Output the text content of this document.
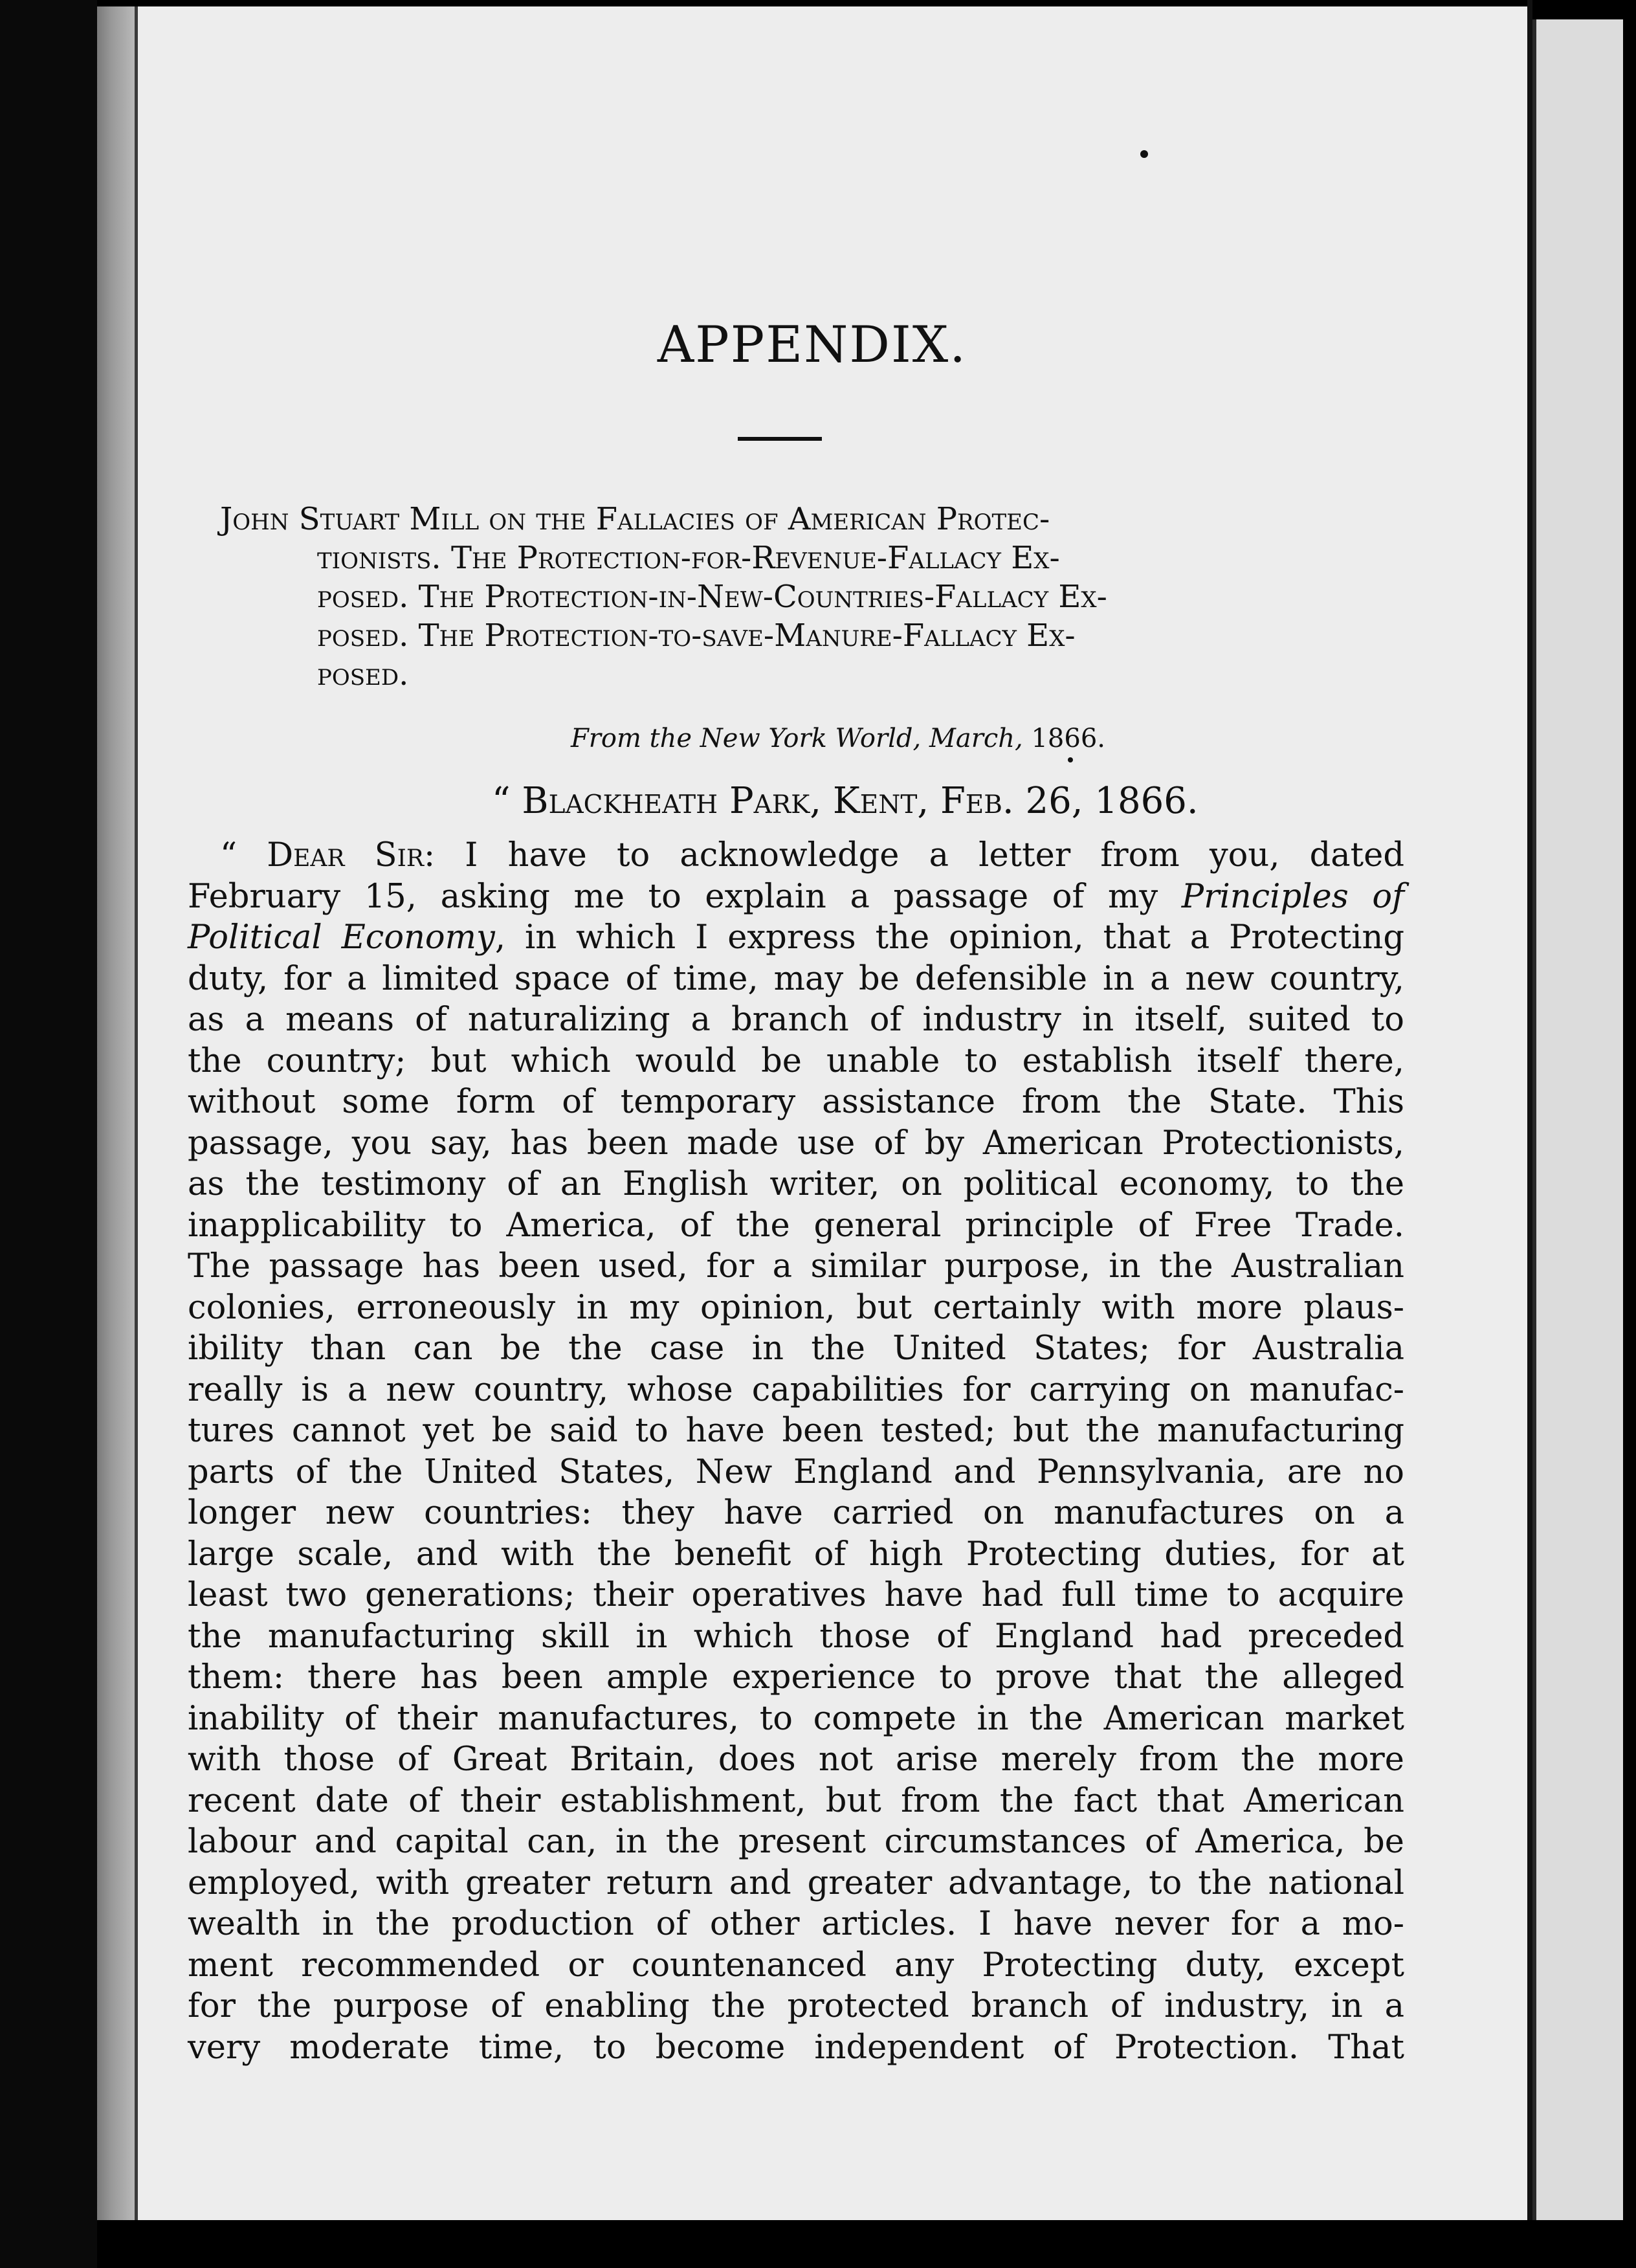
APPENDIX.
John Stuart Mill on the Fallacies of American Protec-
tionists. The Protection-for-Revenue-Fallacy Ex-
posed. The Protection-in-New-Countries-Fallacy Ex-
posed. The Protection-to-save-Manure-Fallacy Ex-
posed.
From the New York World, March, 1866.
“ Blackheath Park, Kent, Feb. 26, 1866.
“ Dear Sir: I have to acknowledge a letter from you, dated
February 15, asking me to explain a passage of my Principles of
Political Economy, in which I express the opinion, that a Protecting
duty, for a limited space of time, may be defensible in a new country,
as a means of naturalizing a branch of industry in itself, suited to
the country; but which would be unable to establish itself there,
without some form of temporary assistance from the State. This
passage, you say, has been made use of by American Protectionists,
as the testimony of an English writer, on political economy, to the
inapplicability to America, of the general principle of Free Trade.
The passage has been used, for a similar purpose, in the Australian
colonies, erroneously in my opinion, but certainly with more plaus-
ibility than can be the case in the United States; for Australia
really is a new country, whose capabilities for carrying on manufac-
tures cannot yet be said to have been tested; but the manufacturing
parts of the United States, New England and Pennsylvania, are no
longer new countries: they have carried on manufactures on a
large scale, and with the benefit of high Protecting duties, for at
least two generations; their operatives have had full time to acquire
the manufacturing skill in which those of England had preceded
them: there has been ample experience to prove that the alleged
inability of their manufactures, to compete in the American market
with those of Great Britain, does not arise merely from the more
recent date of their establishment, but from the fact that American
labour and capital can, in the present circumstances of America, be
employed, with greater return and greater advantage, to the national
wealth in the production of other articles. I have never for a mo-
ment recommended or countenanced any Protecting duty, except
for the purpose of enabling the protected branch of industry, in a
very moderate time, to become independent of Protection. That
